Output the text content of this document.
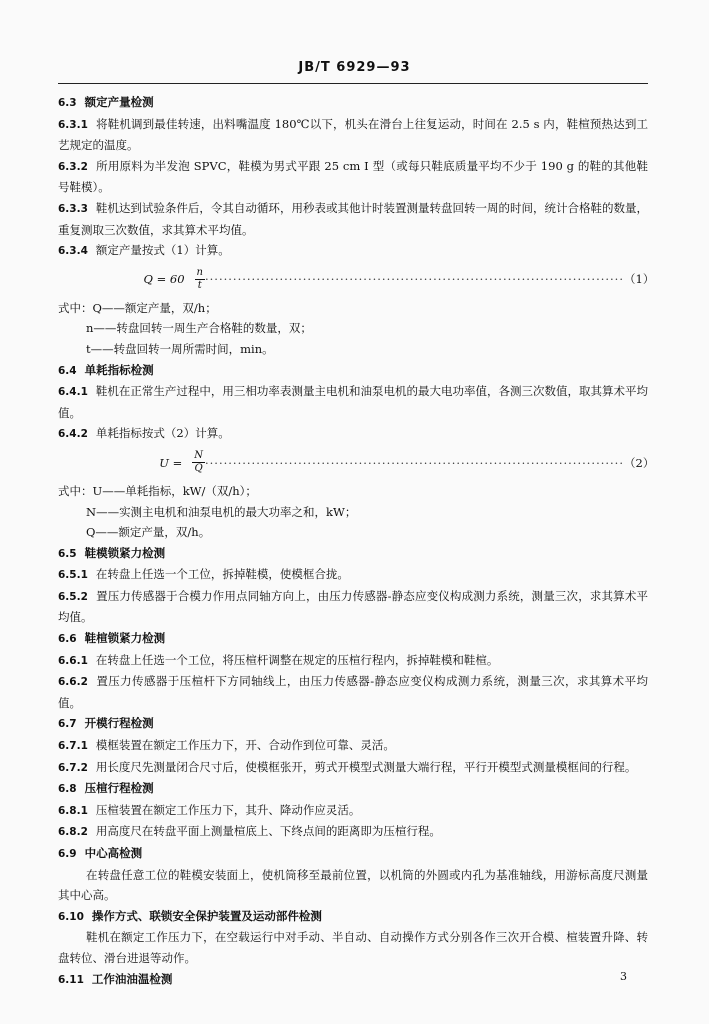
JB/T 6929—93

6.3 额定产量检测

6.3.1 将鞋机调到最佳转速，出料嘴温度 180℃以下，机头在滑台上往复运动，时间在 2.5 s 内，鞋楦预热达到工艺规定的温度。

6.3.2 所用原料为半发泡 SPVC，鞋模为男式平跟 25 cm Ⅰ 型（或每只鞋底质量平均不少于 190 g 的鞋的其他鞋号鞋模）。

6.3.3 鞋机达到试验条件后，令其自动循环，用秒表或其他计时装置测量转盘回转一周的时间，统计合格鞋的数量，重复测取三次数值，求其算术平均值。

6.3.4 额定产量按式（1）计算。

Q = 60	$\frac{n}{t}$ ·························································································· （1）

式中：Q——额定产量，双/h；

n——转盘回转一周生产合格鞋的数量，双；

t——转盘回转一周所需时间，min。

6.4 单耗指标检测

6.4.1 鞋机在正常生产过程中，用三相功率表测量主电机和油泵电机的最大电功率值，各测三次数值，取其算术平均值。

6.4.2 单耗指标按式（2）计算。

U =	$\frac{N}{Q}$ ·························································································· （2）

式中：U——单耗指标，kW/（双/h）；

N——实测主电机和油泵电机的最大功率之和，kW；

Q——额定产量，双/h。

6.5 鞋模锁紧力检测

6.5.1 在转盘上任选一个工位，拆掉鞋模，使模框合拢。

6.5.2 置压力传感器于合模力作用点同轴方向上，由压力传感器-静态应变仪构成测力系统，测量三次，求其算术平均值。

6.6 鞋楦锁紧力检测

6.6.1 在转盘上任选一个工位，将压楦杆调整在规定的压楦行程内，拆掉鞋模和鞋楦。

6.6.2 置压力传感器于压楦杆下方同轴线上，由压力传感器-静态应变仪构成测力系统，测量三次，求其算术平均值。

6.7 开模行程检测

6.7.1 模框装置在额定工作压力下，开、合动作到位可靠、灵活。

6.7.2 用长度尺先测量闭合尺寸后，使模框张开，剪式开模型式测量大端行程，平行开模型式测量模框间的行程。

6.8 压楦行程检测

6.8.1 压楦装置在额定工作压力下，其升、降动作应灵活。

6.8.2 用高度尺在转盘平面上测量楦底上、下终点间的距离即为压楦行程。

6.9 中心高检测

在转盘任意工位的鞋模安装面上，使机筒移至最前位置，以机筒的外圆或内孔为基准轴线，用游标高度尺测量其中心高。

6.10 操作方式、联锁安全保护装置及运动部件检测

鞋机在额定工作压力下，在空载运行中对手动、半自动、自动操作方式分别各作三次开合模、楦装置升降、转盘转位、滑台进退等动作。

6.11 工作油油温检测	3
